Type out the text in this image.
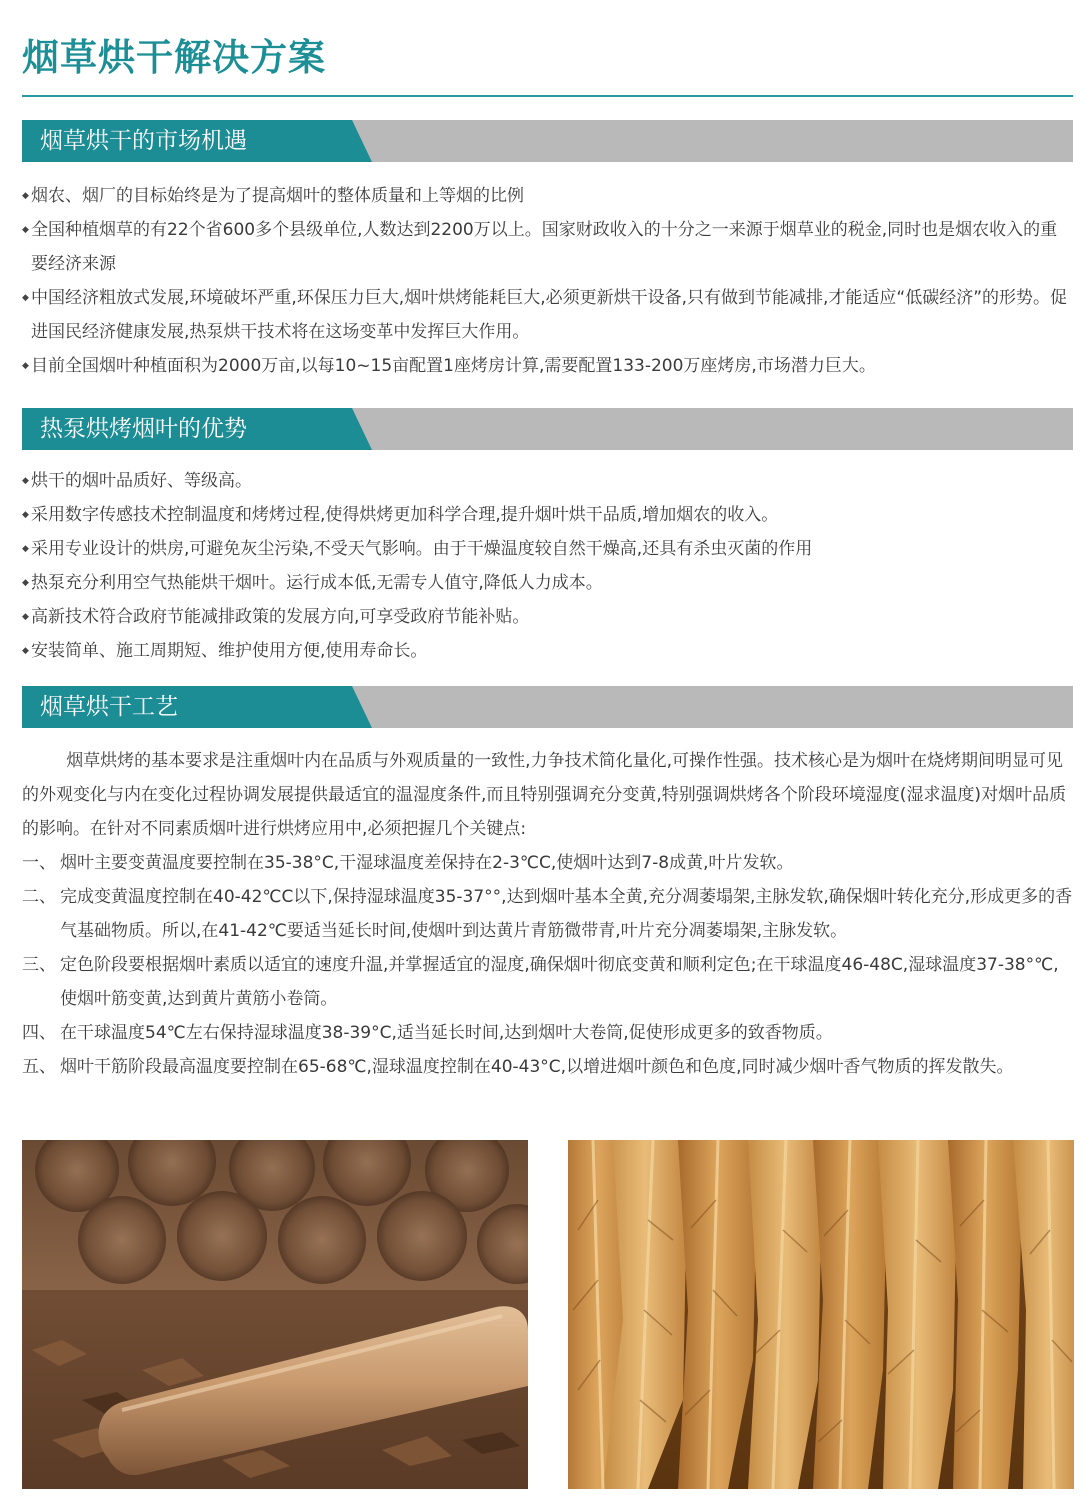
烟草烘干解决方案
烟草烘干的市场机遇
◆ 烟农、烟厂的目标始终是为了提高烟叶的整体质量和上等烟的比例
◆ 全国种植烟草的有22个省600多个县级单位,人数达到2200万以上。国家财政收入的十分之一来源于烟草业的税金,同时也是烟农收入的重要经济来源
◆ 中国经济粗放式发展,环境破坏严重,环保压力巨大,烟叶烘烤能耗巨大,必须更新烘干设备,只有做到节能减排,才能适应“低碳经济”的形势。促进国民经济健康发展,热泵烘干技术将在这场变革中发挥巨大作用。
◆ 目前全国烟叶种植面积为2000万亩,以每10~15亩配置1座烤房计算,需要配置133-200万座烤房,市场潜力巨大。
热泵烘烤烟叶的优势
◆ 烘干的烟叶品质好、等级高。
◆ 采用数字传感技术控制温度和烤烤过程,使得烘烤更加科学合理,提升烟叶烘干品质,增加烟农的收入。
◆ 采用专业设计的烘房,可避免灰尘污染,不受天气影响。由于干燥温度较自然干燥高,还具有杀虫灭菌的作用
◆ 热泵充分利用空气热能烘干烟叶。运行成本低,无需专人值守,降低人力成本。
◆ 高新技术符合政府节能减排政策的发展方向,可享受政府节能补贴。
◆ 安装简单、施工周期短、维护使用方便,使用寿命长。
烟草烘干工艺

烟草烘烤的基本要求是注重烟叶内在品质与外观质量的一致性,力争技术简化量化,可操作性强。技术核心是为烟叶在烧烤期间明显可见的外观变化与内在变化过程协调发展提供最适宜的温湿度条件,而且特别强调充分变黄,特别强调烘烤各个阶段环境湿度(湿求温度)对烟叶品质的影响。在针对不同素质烟叶进行烘烤应用中,必须把握几个关键点:

一、 烟叶主要变黄温度要控制在35-38°C,干湿球温度差保持在2-3℃C,使烟叶达到7-8成黄,叶片发软。
二、 完成变黄温度控制在40-42℃C以下,保持湿球温度35-37°°,达到烟叶基本全黄,充分凋萎塌架,主脉发软,确保烟叶转化充分,形成更多的香气基础物质。所以,在41-42℃要适当延长时间,使烟叶到达黄片青筋微带青,叶片充分凋萎塌架,主脉发软。
三、 定色阶段要根据烟叶素质以适宜的速度升温,并掌握适宜的湿度,确保烟叶彻底变黄和顺利定色;在干球温度46-48C,湿球温度37-38°℃,使烟叶筋变黄,达到黄片黄筋小卷筒。
四、 在干球温度54℃左右保持湿球温度38-39°C,适当延长时间,达到烟叶大卷筒,促使形成更多的致香物质。
五、 烟叶干筋阶段最高温度要控制在65-68℃,湿球温度控制在40-43°C,以增进烟叶颜色和色度,同时减少烟叶香气物质的挥发散失。
